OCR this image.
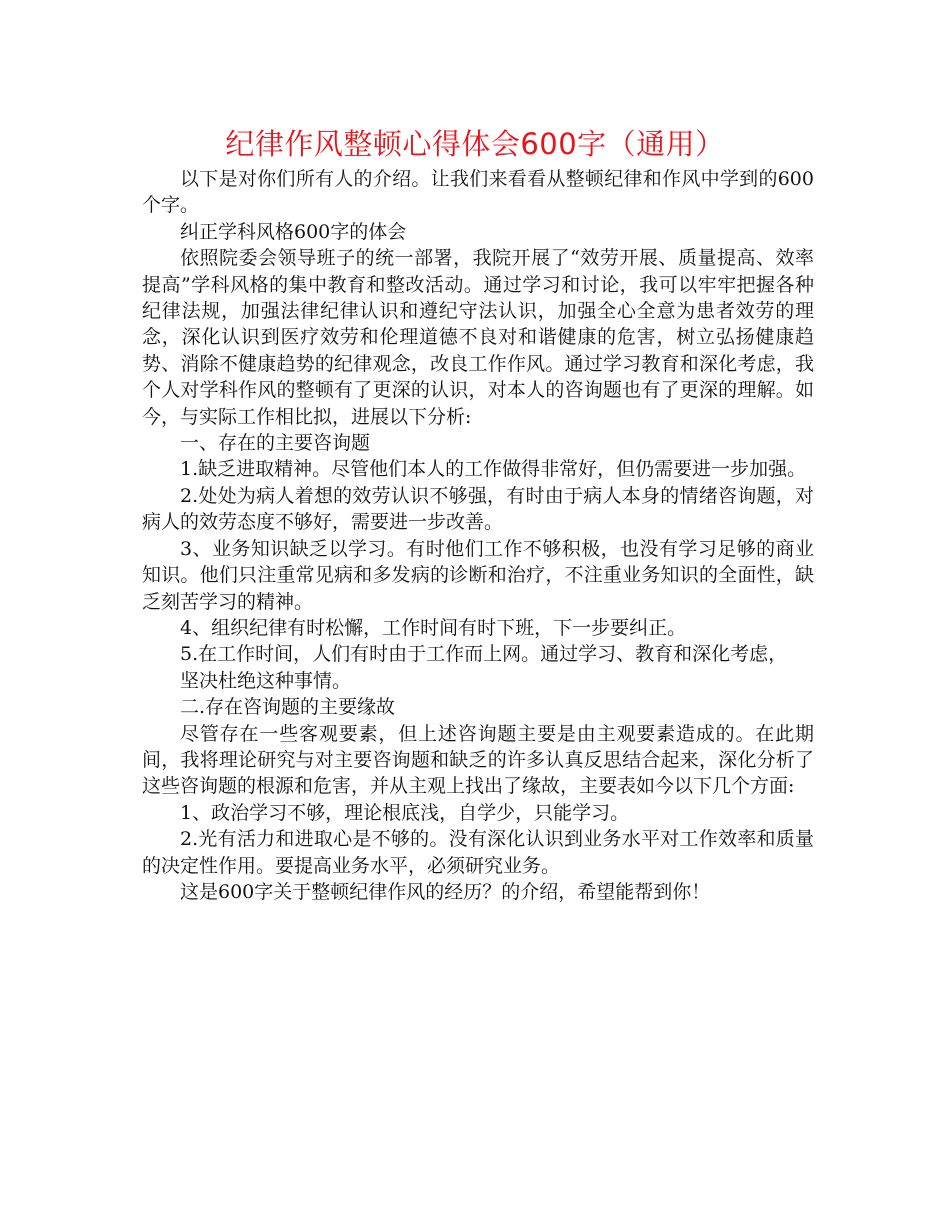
纪律作风整顿心得体会600字（通用）

以下是对你们所有人的介绍。让我们来看看从整顿纪律和作风中学到的600个字。

纠正学科风格600字的体会

依照院委会领导班子的统一部署，我院开展了“效劳开展、质量提高、效率提高”学科风格的集中教育和整改活动。通过学习和讨论，我可以牢牢把握各种纪律法规，加强法律纪律认识和遵纪守法认识，加强全心全意为患者效劳的理念，深化认识到医疗效劳和伦理道德不良对和谐健康的危害，树立弘扬健康趋势、消除不健康趋势的纪律观念，改良工作作风。通过学习教育和深化考虑，我个人对学科作风的整顿有了更深的认识，对本人的咨询题也有了更深的理解。如今，与实际工作相比拟，进展以下分析:

一、存在的主要咨询题

1.缺乏进取精神。尽管他们本人的工作做得非常好，但仍需要进一步加强。

2.处处为病人着想的效劳认识不够强，有时由于病人本身的情绪咨询题，对病人的效劳态度不够好，需要进一步改善。

3、业务知识缺乏以学习。有时他们工作不够积极，也没有学习足够的商业知识。他们只注重常见病和多发病的诊断和治疗，不注重业务知识的全面性，缺乏刻苦学习的精神。

4、组织纪律有时松懈，工作时间有时下班，下一步要纠正。

5.在工作时间，人们有时由于工作而上网。通过学习、教育和深化考虑，

坚决杜绝这种事情。

二.存在咨询题的主要缘故

尽管存在一些客观要素，但上述咨询题主要是由主观要素造成的。在此期间，我将理论研究与对主要咨询题和缺乏的许多认真反思结合起来，深化分析了这些咨询题的根源和危害，并从主观上找出了缘故，主要表如今以下几个方面:

1、政治学习不够，理论根底浅，自学少，只能学习。

2.光有活力和进取心是不够的。没有深化认识到业务水平对工作效率和质量的决定性作用。要提高业务水平，必须研究业务。

这是600字关于整顿纪律作风的经历？的介绍，希望能帮到你！
